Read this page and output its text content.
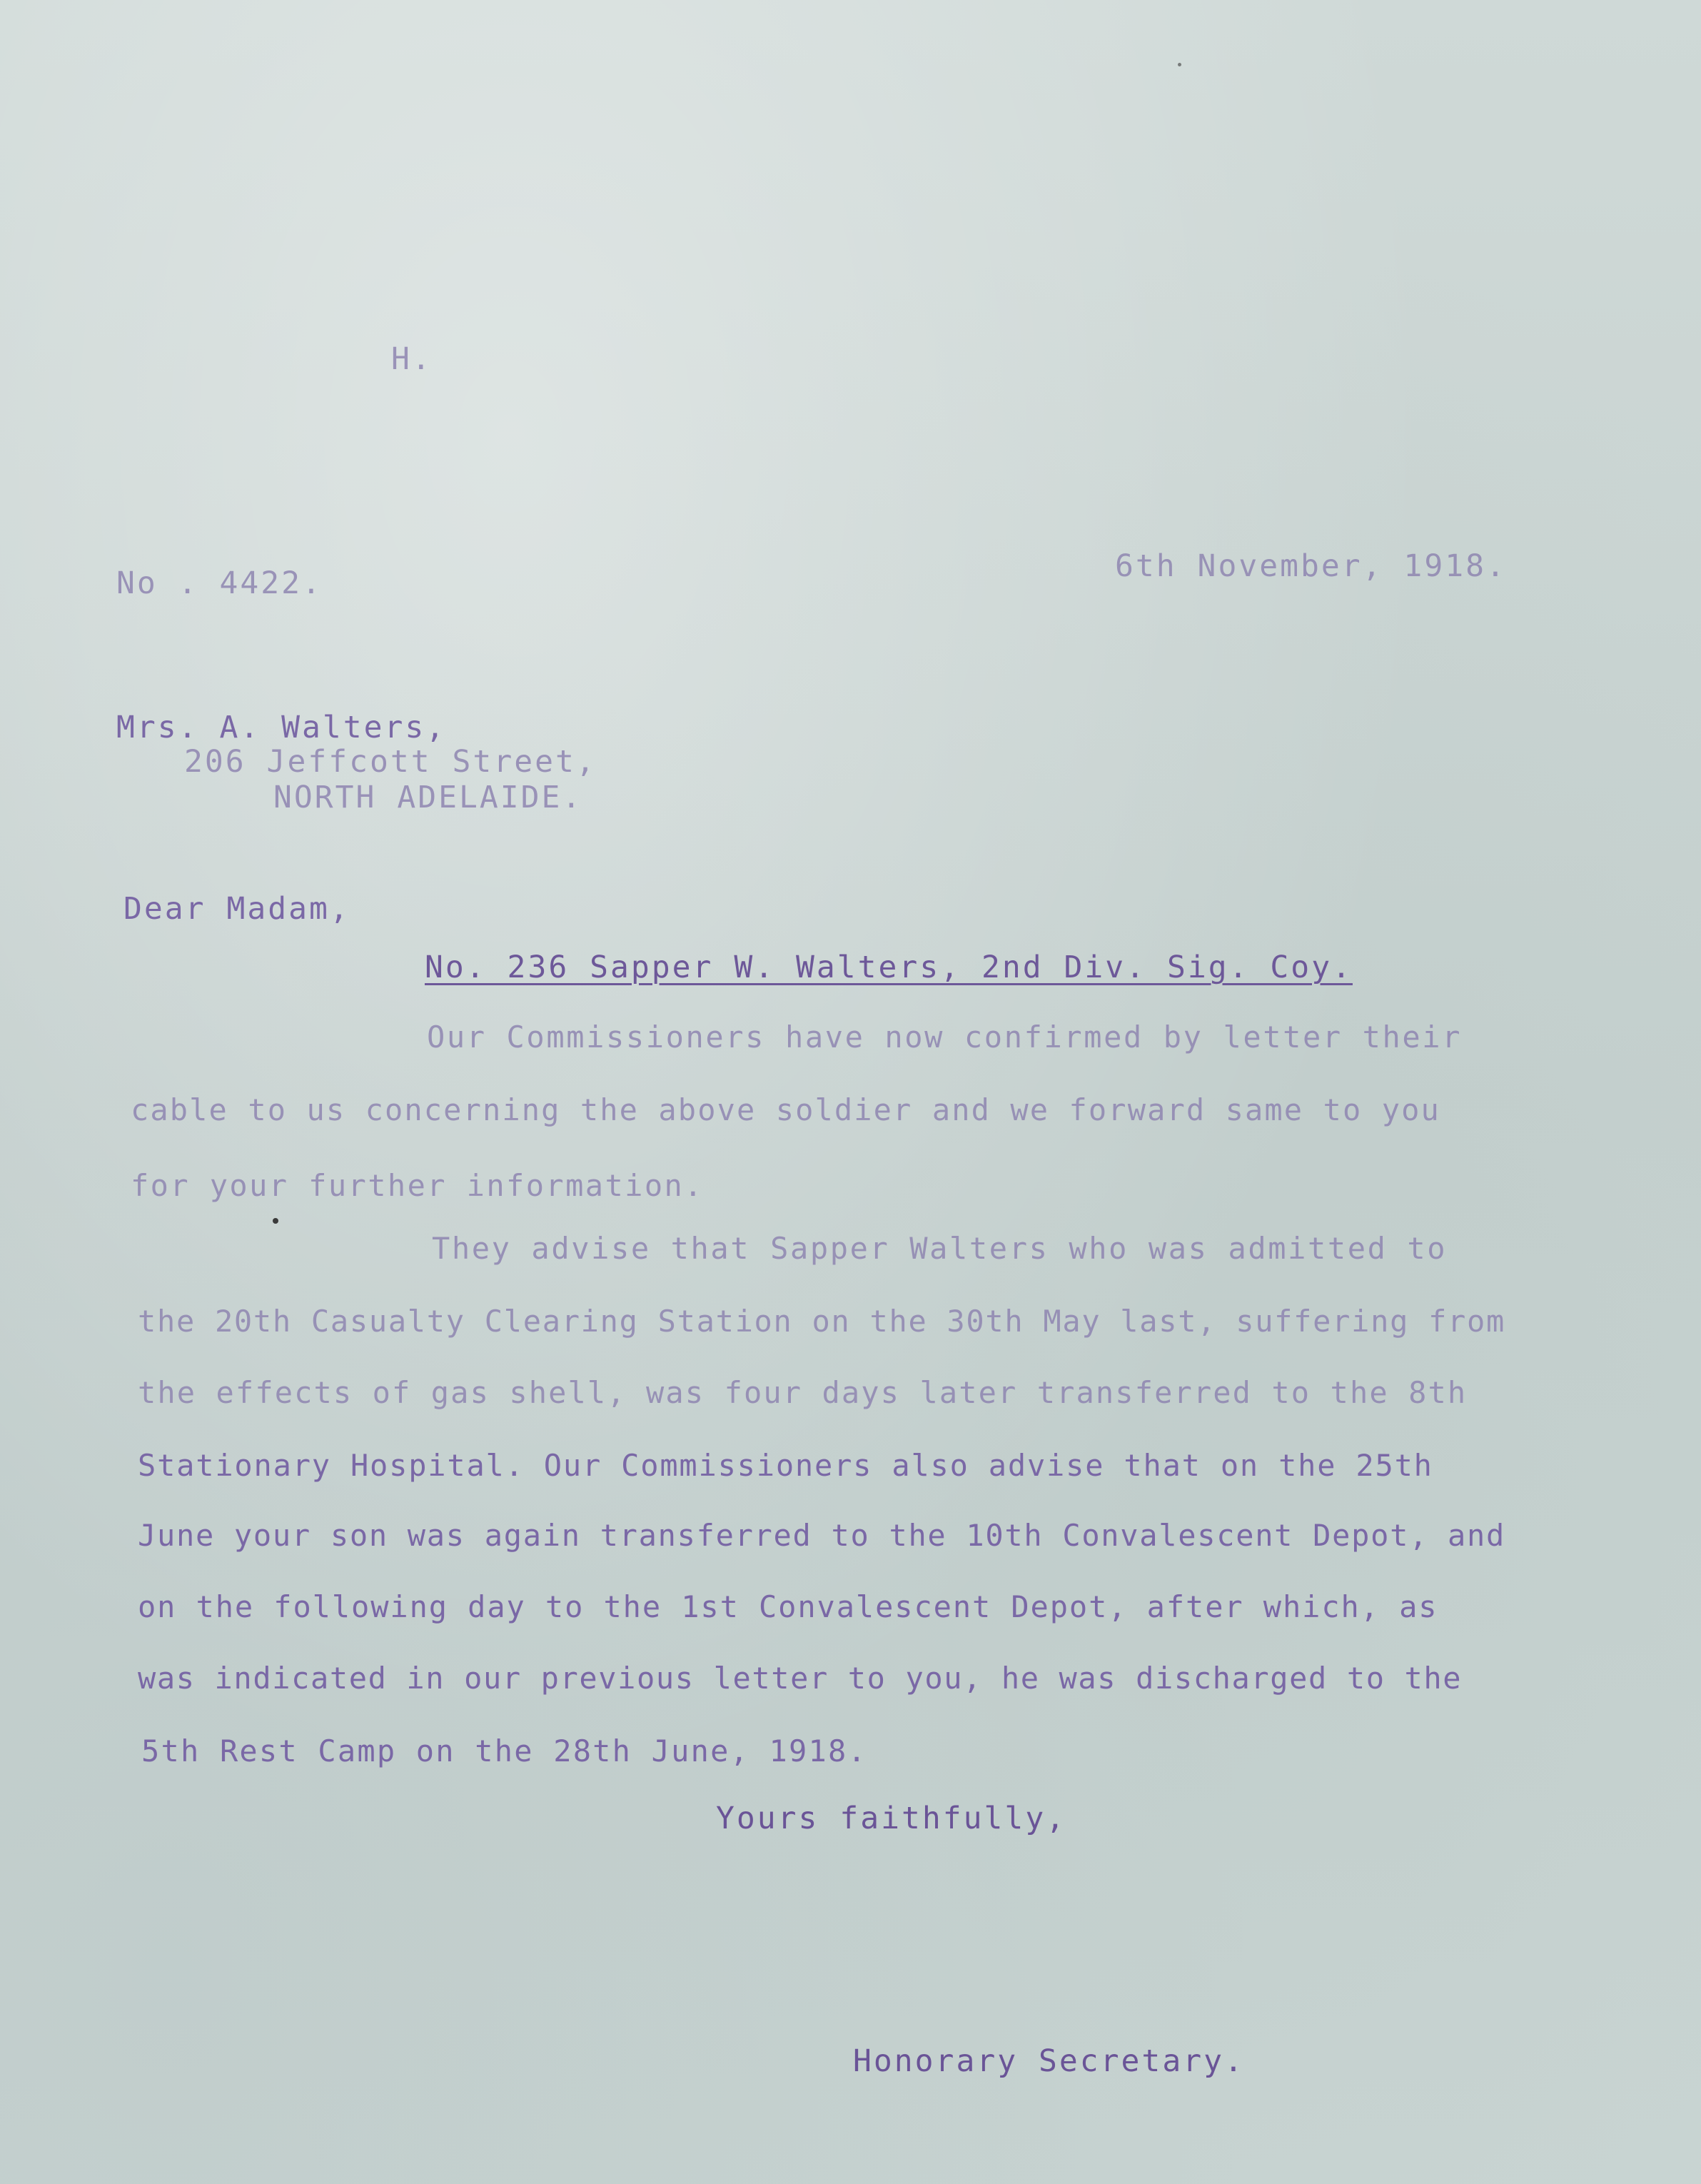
H.
No . 4422.	6th November, 1918.
Mrs. A. Walters,
206 Jeffcott Street,
NORTH ADELAIDE.
Dear Madam,
No. 236 Sapper W. Walters, 2nd Div. Sig. Coy.
Our Commissioners have now confirmed by letter their
cable to us concerning the above soldier and we forward same to you
for your further information.
They advise that Sapper Walters who was admitted to
the 20th Casualty Clearing Station on the 30th May last, suffering from
the effects of gas shell, was four days later transferred to the 8th
Stationary Hospital. Our Commissioners also advise that on the 25th
June your son was again transferred to the 10th Convalescent Depot, and
on the following day to the 1st Convalescent Depot, after which, as
was indicated in our previous letter to you, he was discharged to the
5th Rest Camp on the 28th June, 1918.
Yours faithfully,
Honorary Secretary.
